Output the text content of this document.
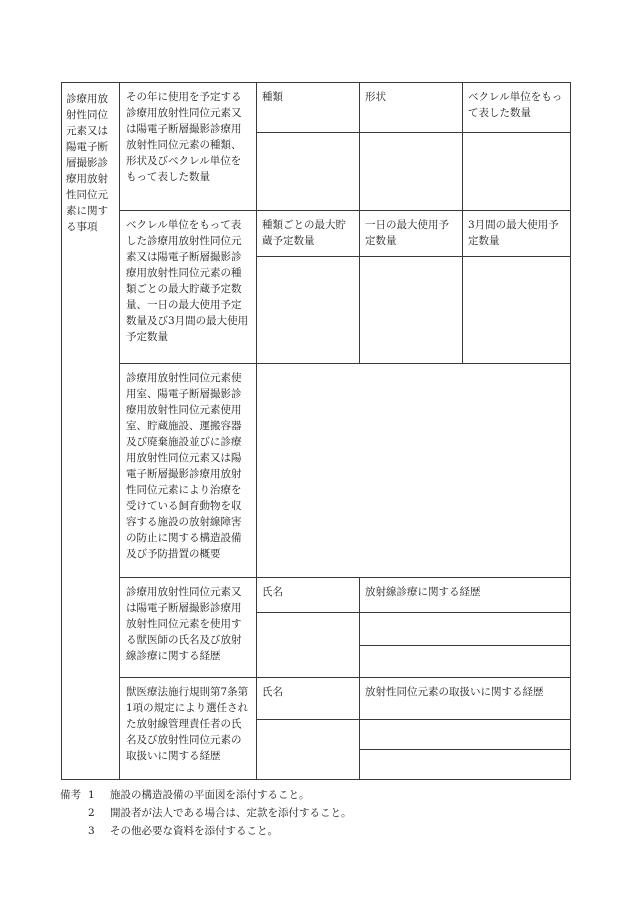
診療用放射性同位元素又は陽電子断層撮影診療用放射性同位元素に関する事項	その年に使用を予定する診療用放射性同位元素又は陽電子断層撮影診療用放射性同位元素の種類、形状及びベクレル単位をもって表した数量	種類	形状	ベクレル単位をもって表した数量

	ベクレル単位をもって表した診療用放射性同位元素又は陽電子断層撮影診療用放射性同位元素の種類ごとの最大貯蔵予定数量、一日の最大使用予定数量及び3月間の最大使用予定数量	種類ごとの最大貯蔵予定数量	一日の最大使用予定数量	3月間の最大使用予定数量

	診療用放射性同位元素使用室、陽電子断層撮影診療用放射性同位元素使用室、貯蔵施設、運搬容器及び廃棄施設並びに診療用放射性同位元素又は陽電子断層撮影診療用放射性同位元素により治療を受けている飼育動物を収容する施設の放射線障害の防止に関する構造設備及び予防措置の概要			
	診療用放射性同位元素又は陽電子断層撮影診療用放射性同位元素を使用する獣医師の氏名及び放射線診療に関する経歴	氏名	放射線診療に関する経歴	

	獣医療法施行規則第7条第1項の規定により選任された放射線管理責任者の氏名及び放射性同位元素の取扱いに関する経歴	氏名	放射性同位元素の取扱いに関する経歴	

備考 1	施設の構造設備の平面図を添付すること。
2	開設者が法人である場合は、定款を添付すること。
3	その他必要な資料を添付すること。
